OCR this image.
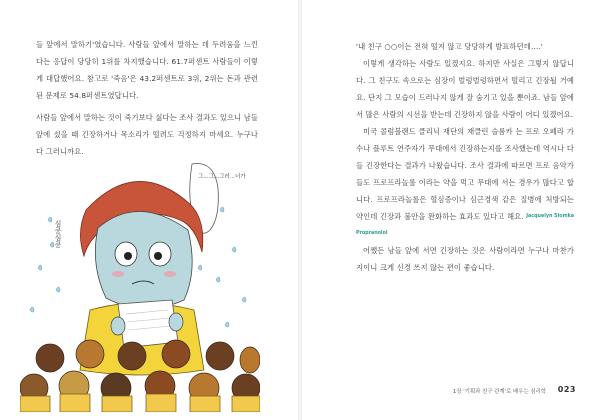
들 앞에서 말하기'였습니다. 사람들 앞에서 말하는 데 두려움을 느낀다는 응답이 당당히 1위를 차지했습니다. 61.7퍼센트 사람들이 이렇게 대답했어요. 참고로 '죽음'은 43.2퍼센트로 3위, 2위는 돈과 관련된 문제로 54.8퍼센트였답니다.

사람들 앞에서 말하는 것이 죽기보다 싫다는 조사 결과도 있으니 남들 앞에 섰을 때 긴장하거나 목소리가 떨려도 걱정하지 마세요. 누구나 다 그러니까요.

심쿵심쿵
그...그...그러...너가

'내 친구 ○○이는 전혀 떨지 않고 당당하게 발표하던데….'

이렇게 생각하는 사람도 있겠지요. 하지만 사실은 그렇지 않답니다. 그 친구도 속으로는 심장이 벌렁벌렁하면서 떨리고 긴장될 거예요. 단지 그 모습이 드러나지 않게 잘 숨기고 있을 뿐이죠. 남들 앞에서 많은 사람의 시선을 받는데 긴장하지 않을 사람이 어디 있겠어요.

미국 콜럼블랜드 클리닉 재단의 재클린 슬롬카 는 프로 오페라 가수나 플루트 연주자가 무대에서 긴장하는지를 조사했는데 역시나 다들 긴장한다는 결과가 나왔습니다. 조사 결과에 따르면 프로 음악가들도 프로프라놀롤 이라는 약을 먹고 무대에 서는 경우가 많다고 합니다. 프로프라놀롤은 혈심증이나 심근경색 같은 질병에 처방되는 약인데 긴장과 불안을 완화하는 효과도 있다고 해요. $^{Jacquelyn Slomka}$ $^{Propranolol}$

어쨌든 남들 앞에 서면 긴장하는 것은 사람이라면 누구나 마찬가지이니 크게 신경 쓰지 않는 편이 좋습니다.

1장 '기획과 친구 관계'로 배우는 심리학 023
